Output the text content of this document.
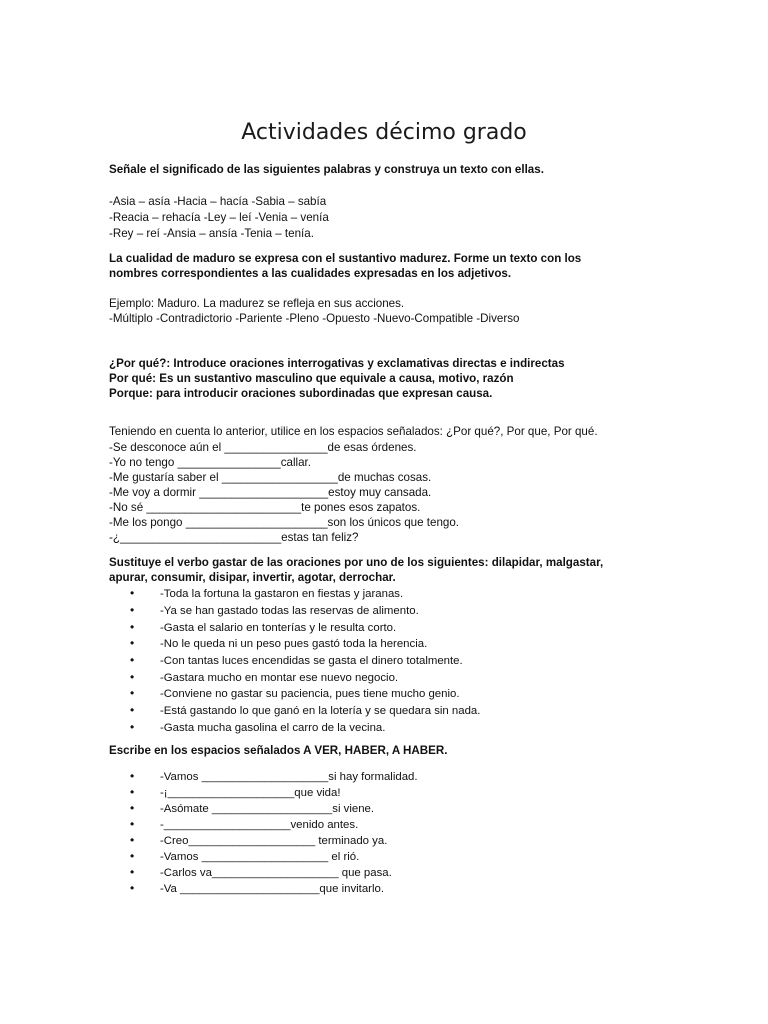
Actividades décimo grado
Señale el significado de las siguientes palabras y construya un texto con ellas.
-Asia – asía -Hacia – hacía -Sabia – sabía
-Reacia – rehacía -Ley – leí -Venia – venía
-Rey – reí -Ansia – ansía -Tenia – tenía.
La cualidad de maduro se expresa con el sustantivo madurez. Forme un texto con los
nombres correspondientes a las cualidades expresadas en los adjetivos.
Ejemplo: Maduro. La madurez se refleja en sus acciones.
-Múltiplo -Contradictorio -Pariente -Pleno -Opuesto -Nuevo-Compatible -Diverso
¿Por qué?: Introduce oraciones interrogativas y exclamativas directas e indirectas
Por qué: Es un sustantivo masculino que equivale a causa, motivo, razón
Porque: para introducir oraciones subordinadas que expresan causa.
Teniendo en cuenta lo anterior, utilice en los espacios señalados: ¿Por qué?, Por que, Por qué.
-Se desconoce aún el ________________de esas órdenes.
-Yo no tengo ________________callar.
-Me gustaría saber el __________________de muchas cosas.
-Me voy a dormir ____________________estoy muy cansada.
-No sé ________________________te pones esos zapatos.
-Me los pongo ______________________son los únicos que tengo.
-¿_________________________estas tan feliz?
Sustituye el verbo gastar de las oraciones por uno de los siguientes: dilapidar, malgastar,
apurar, consumir, disipar, invertir, agotar, derrochar.
• -Toda la fortuna la gastaron en fiestas y jaranas.
• -Ya se han gastado todas las reservas de alimento.
• -Gasta el salario en tonterías y le resulta corto.
• -No le queda ni un peso pues gastó toda la herencia.
• -Con tantas luces encendidas se gasta el dinero totalmente.
• -Gastara mucho en montar ese nuevo negocio.
• -Conviene no gastar su paciencia, pues tiene mucho genio.
• -Está gastando lo que ganó en la lotería y se quedara sin nada.
• -Gasta mucha gasolina el carro de la vecina.
Escribe en los espacios señalados A VER, HABER, A HABER.
• -Vamos ____________________si hay formalidad.
• -¡____________________que vida!
• -Asómate ___________________si viene.
• -____________________venido antes.
• -Creo____________________ terminado ya.
• -Vamos ____________________ el rió.
• -Carlos va____________________ que pasa.
• -Va ______________________que invitarlo.
